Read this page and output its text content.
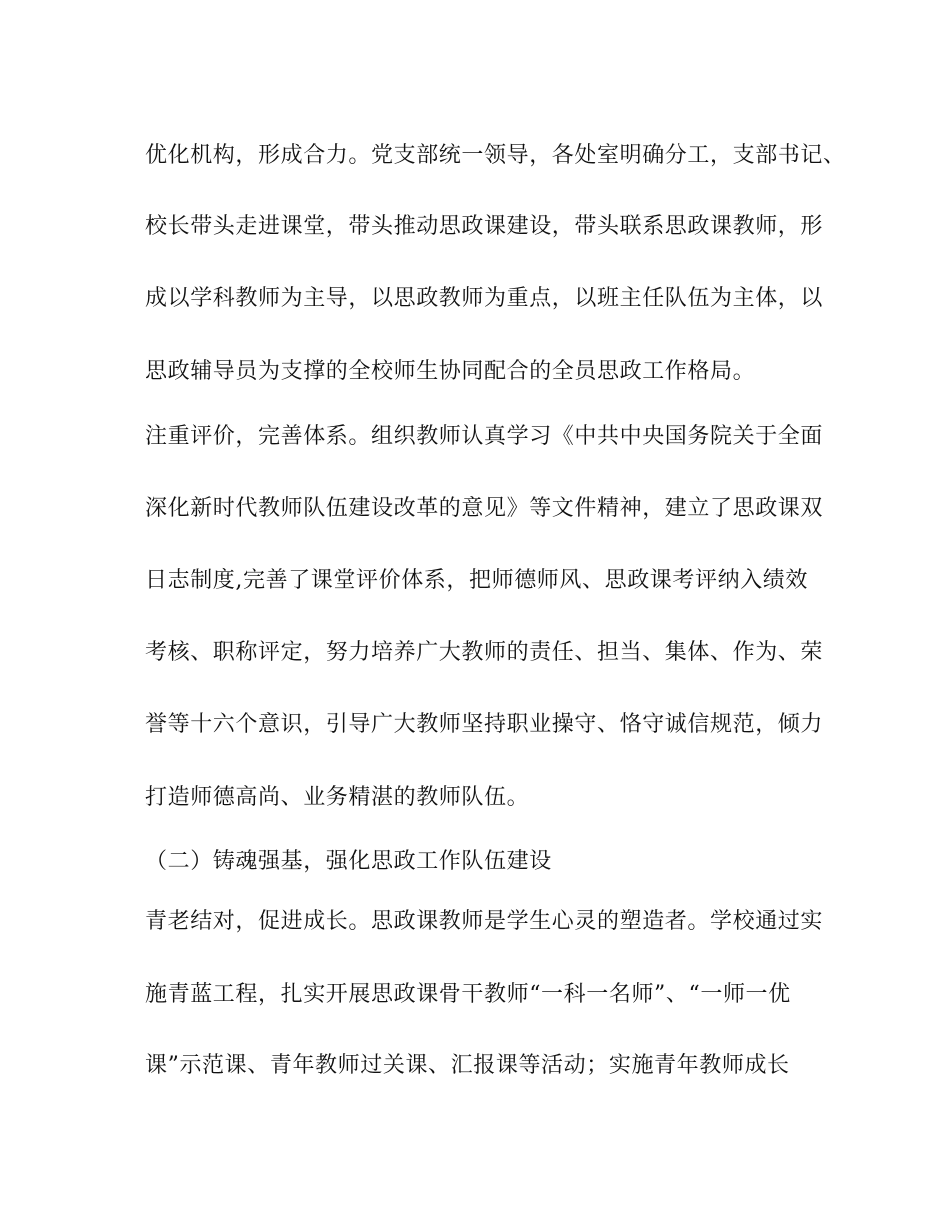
优化机构，形成合力。党支部统一领导，各处室明确分工，支部书记、
校长带头走进课堂，带头推动思政课建设，带头联系思政课教师，形
成以学科教师为主导，以思政教师为重点，以班主任队伍为主体，以
思政辅导员为支撑的全校师生协同配合的全员思政工作格局。
注重评价，完善体系。组织教师认真学习《中共中央国务院关于全面
深化新时代教师队伍建设改革的意见》等文件精神，建立了思政课双
日志制度,完善了课堂评价体系，把师德师风、思政课考评纳入绩效
考核、职称评定，努力培养广大教师的责任、担当、集体、作为、荣
誉等十六个意识，引导广大教师坚持职业操守、恪守诚信规范，倾力
打造师德高尚、业务精湛的教师队伍。
（二）铸魂强基，强化思政工作队伍建设
青老结对，促进成长。思政课教师是学生心灵的塑造者。学校通过实
施青蓝工程，扎实开展思政课骨干教师“一科一名师”、“一师一优
课”示范课、青年教师过关课、汇报课等活动；实施青年教师成长
